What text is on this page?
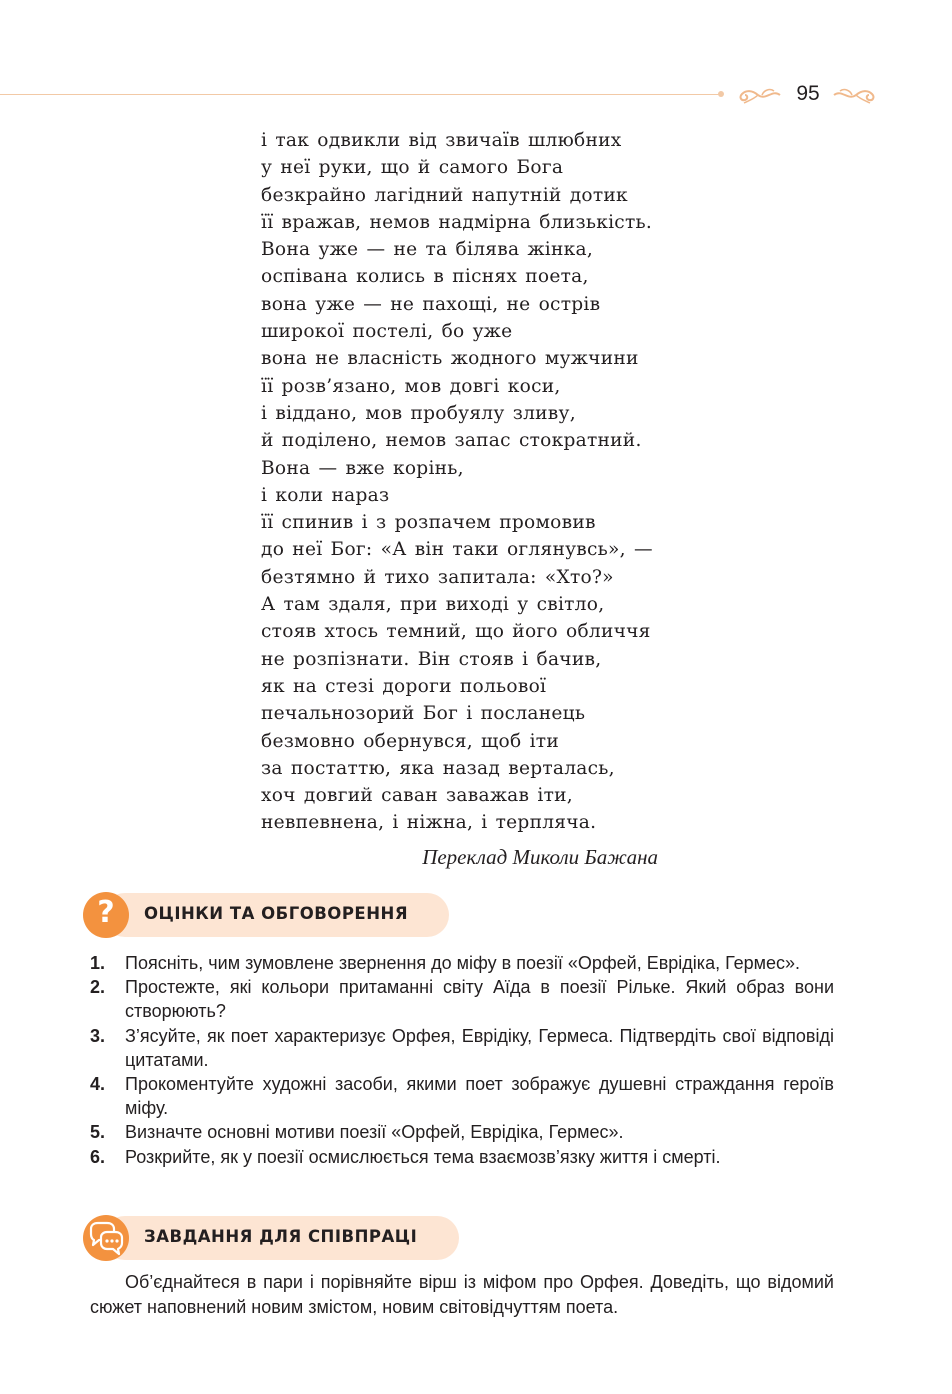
95
і так одвикли від звичаїв шлюбних
у неї руки, що й самого Бога
безкрайно лагідний напутній дотик
її вражав, немов надмірна близькість.
Вона уже — не та білява жінка,
оспівана колись в піснях поета,
вона уже — не пахощі, не острів
широкої постелі, бо уже
вона не власність жодного мужчини
її розв’язано, мов довгі коси,
і віддано, мов пробуялу зливу,
й поділено, немов запас стократний.
Вона — вже корінь,
і коли нараз
її спинив і з розпачем промовив
до неї Бог: «А він таки оглянувсь», —
безтямно й тихо запитала: «Хто?»
А там здаля, при виході у світло,
стояв хтось темний, що його обличчя
не розпізнати. Він стояв і бачив,
як на стезі дороги польової
печальнозорий Бог і посланець
безмовно обернувся, щоб іти
за постаттю, яка назад верталась,
хоч довгий саван заважав іти,
невпевнена, і ніжна, і терпляча.
Переклад Миколи Бажана
?	ОЦІНКИ ТА ОБГОВОРЕННЯ
1. Поясніть, чим зумовлене звернення до міфу в поезії «Орфей, Еврідіка, Гермес».
2. Простежте, які кольори притаманні світу Аїда в поезії Рільке. Який образ вони створюють?
3. З’ясуйте, як поет характеризує Орфея, Еврідіку, Гермеса. Підтвердіть свої відповіді цитатами.
4. Прокоментуйте художні засоби, якими поет зображує душевні страждання героїв міфу.
5. Визначте основні мотиви поезії «Орфей, Еврідіка, Гермес».
6. Розкрийте, як у поезії осмислюється тема взаємозв’язку життя і смерті.
ЗАВДАННЯ ДЛЯ СПІВПРАЦІ

Об’єднайтеся в пари і порівняйте вірш із міфом про Орфея. Доведіть, що відомий сюжет наповнений новим змістом, новим світовідчуттям поета.
